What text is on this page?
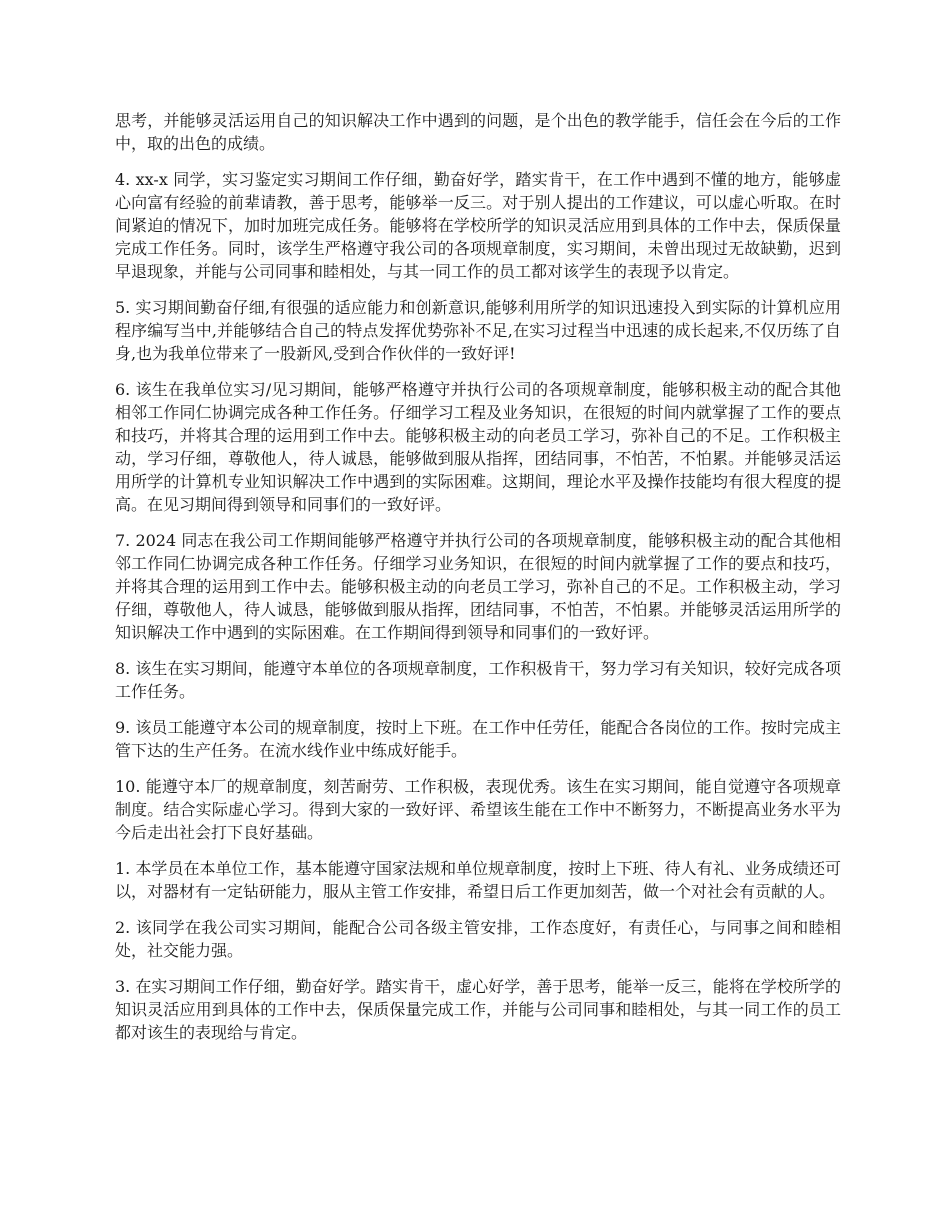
思考，并能够灵活运用自己的知识解决工作中遇到的问题，是个出色的教学能手，信任会在今后的工作中，取的出色的成绩。

4. xx-x 同学，实习鉴定实习期间工作仔细，勤奋好学，踏实肯干，在工作中遇到不懂的地方，能够虚心向富有经验的前辈请教，善于思考，能够举一反三。对于别人提出的工作建议，可以虚心听取。在时间紧迫的情况下，加时加班完成任务。能够将在学校所学的知识灵活应用到具体的工作中去，保质保量完成工作任务。同时，该学生严格遵守我公司的各项规章制度，实习期间，未曾出现过无故缺勤，迟到早退现象，并能与公司同事和睦相处，与其一同工作的员工都对该学生的表现予以肯定。

5. 实习期间勤奋仔细,有很强的适应能力和创新意识,能够利用所学的知识迅速投入到实际的计算机应用程序编写当中,并能够结合自己的特点发挥优势弥补不足,在实习过程当中迅速的成长起来,不仅历练了自身,也为我单位带来了一股新风,受到合作伙伴的一致好评!

6. 该生在我单位实习/见习期间，能够严格遵守并执行公司的各项规章制度，能够积极主动的配合其他相邻工作同仁协调完成各种工作任务。仔细学习工程及业务知识，在很短的时间内就掌握了工作的要点和技巧，并将其合理的运用到工作中去。能够积极主动的向老员工学习，弥补自己的不足。工作积极主动，学习仔细，尊敬他人，待人诚恳，能够做到服从指挥，团结同事，不怕苦，不怕累。并能够灵活运用所学的计算机专业知识解决工作中遇到的实际困难。这期间，理论水平及操作技能均有很大程度的提高。在见习期间得到领导和同事们的一致好评。

7. 2024 同志在我公司工作期间能够严格遵守并执行公司的各项规章制度，能够积极主动的配合其他相邻工作同仁协调完成各种工作任务。仔细学习业务知识，在很短的时间内就掌握了工作的要点和技巧，并将其合理的运用到工作中去。能够积极主动的向老员工学习，弥补自己的不足。工作积极主动，学习仔细，尊敬他人，待人诚恳，能够做到服从指挥，团结同事，不怕苦，不怕累。并能够灵活运用所学的知识解决工作中遇到的实际困难。在工作期间得到领导和同事们的一致好评。

8. 该生在实习期间，能遵守本单位的各项规章制度，工作积极肯干，努力学习有关知识，较好完成各项工作任务。

9. 该员工能遵守本公司的规章制度，按时上下班。在工作中任劳任，能配合各岗位的工作。按时完成主管下达的生产任务。在流水线作业中练成好能手。

10. 能遵守本厂的规章制度，刻苦耐劳、工作积极，表现优秀。该生在实习期间，能自觉遵守各项规章制度。结合实际虚心学习。得到大家的一致好评、希望该生能在工作中不断努力，不断提高业务水平为今后走出社会打下良好基础。

1. 本学员在本单位工作，基本能遵守国家法规和单位规章制度，按时上下班、待人有礼、业务成绩还可以，对器材有一定钻研能力，服从主管工作安排，希望日后工作更加刻苦，做一个对社会有贡献的人。

2. 该同学在我公司实习期间，能配合公司各级主管安排，工作态度好，有责任心，与同事之间和睦相处，社交能力强。

3. 在实习期间工作仔细，勤奋好学。踏实肯干，虚心好学，善于思考，能举一反三，能将在学校所学的知识灵活应用到具体的工作中去，保质保量完成工作，并能与公司同事和睦相处，与其一同工作的员工都对该生的表现给与肯定。
